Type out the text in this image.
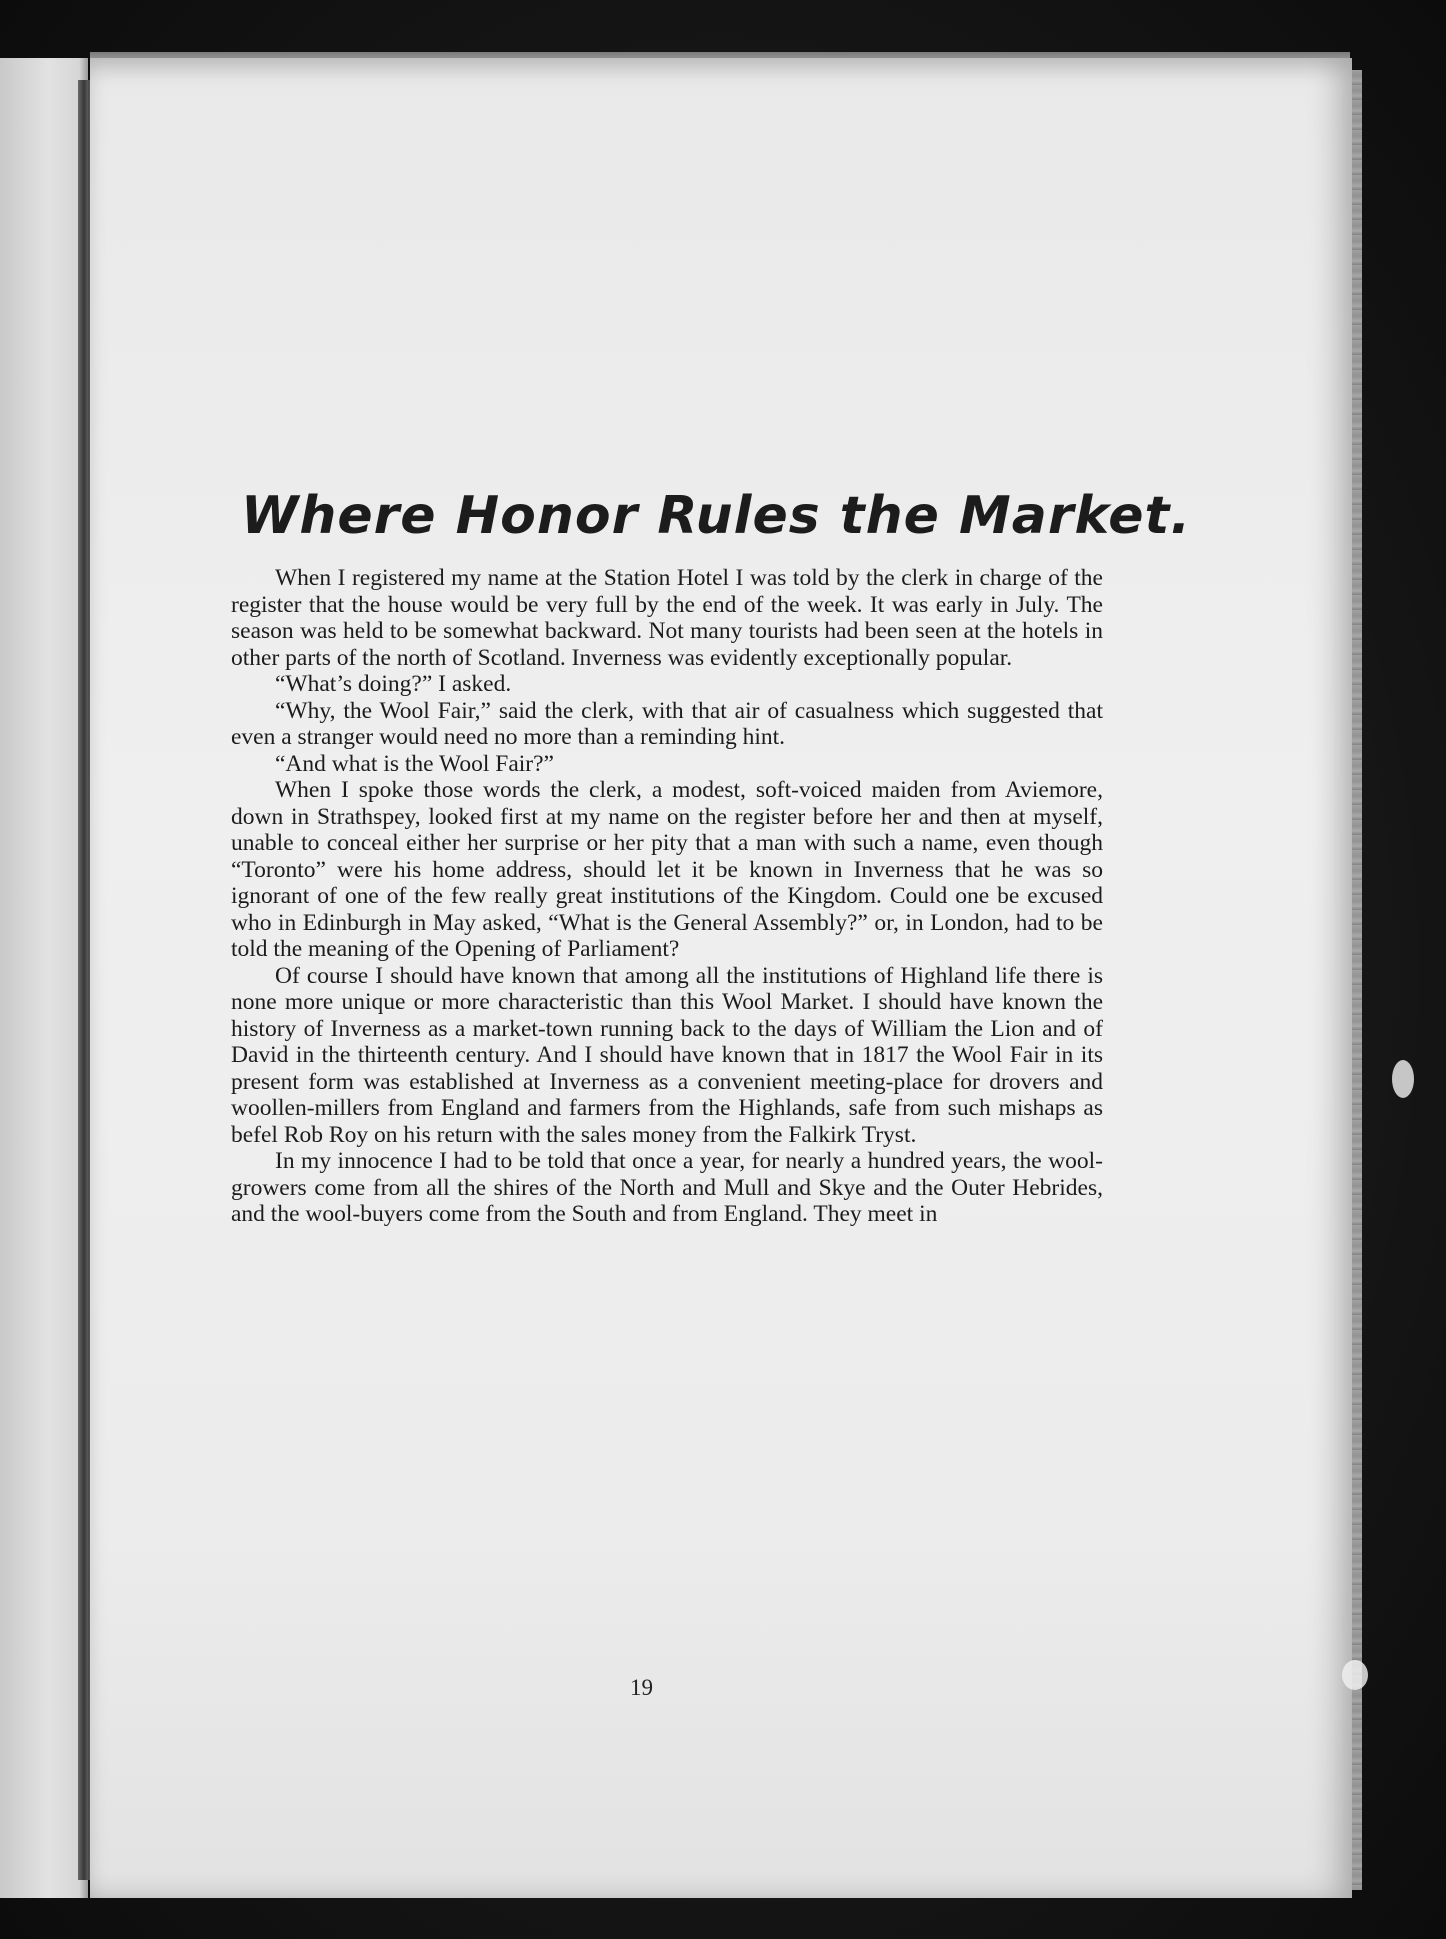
Where Honor Rules the Market.

When I registered my name at the Station Hotel I was told by the clerk in charge of the register that the house would be very full by the end of the week. It was early in July. The season was held to be somewhat backward. Not many tourists had been seen at the hotels in other parts of the north of Scotland. Inverness was evidently exceptionally popular.

“What’s doing?” I asked.

“Why, the Wool Fair,” said the clerk, with that air of casualness which suggested that even a stranger would need no more than a reminding hint.

“And what is the Wool Fair?”

When I spoke those words the clerk, a modest, soft-voiced maiden from Aviemore, down in Strathspey, looked first at my name on the register before her and then at myself, unable to conceal either her surprise or her pity that a man with such a name, even though “Toronto” were his home address, should let it be known in Inverness that he was so ignorant of one of the few really great institutions of the Kingdom. Could one be excused who in Edinburgh in May asked, “What is the General Assembly?” or, in London, had to be told the meaning of the Opening of Parliament?

Of course I should have known that among all the institutions of Highland life there is none more unique or more characteristic than this Wool Market. I should have known the history of Inverness as a market-town running back to the days of William the Lion and of David in the thirteenth century. And I should have known that in 1817 the Wool Fair in its present form was established at Inverness as a convenient meeting-place for drovers and woollen-millers from England and farmers from the Highlands, safe from such mishaps as befel Rob Roy on his return with the sales money from the Falkirk Tryst.

In my innocence I had to be told that once a year, for nearly a hundred years, the wool-growers come from all the shires of the North and Mull and Skye and the Outer Hebrides, and the wool-buyers come from the South and from England. They meet in

19
